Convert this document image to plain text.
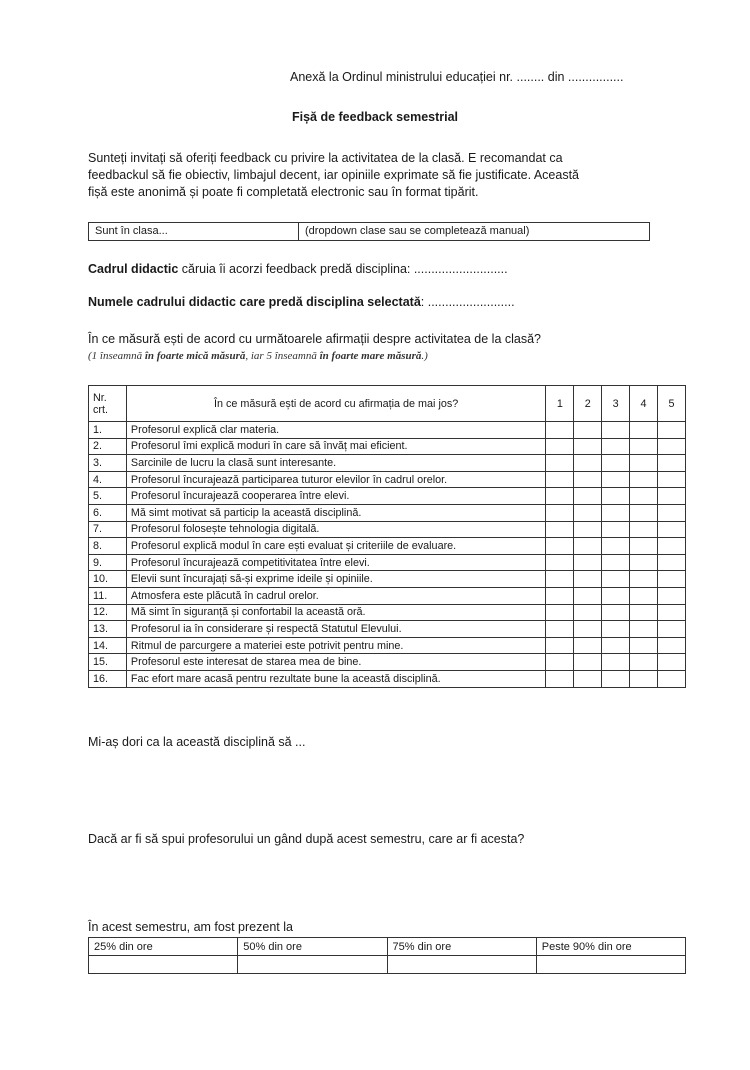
Anexă la Ordinul ministrului educației nr. ........ din ................
Fișă de feedback semestrial
Sunteți invitați să oferiți feedback cu privire la activitatea de la clasă. E recomandat ca
feedbackul să fie obiectiv, limbajul decent, iar opiniile exprimate să fie justificate. Această
fișă este anonimă și poate fi completată electronic sau în format tipărit.
Sunt în clasa...	(dropdown clase sau se completează manual)
Cadrul didactic căruia îi acorzi feedback predă disciplina: ...........................
Numele cadrului didactic care predă disciplina selectată: .........................
În ce măsură ești de acord cu următoarele afirmații despre activitatea de la clasă?
(1 înseamnă în foarte mică măsură, iar 5 înseamnă în foarte mare măsură.)
Nr. crt.	În ce măsură ești de acord cu afirmația de mai jos?	1	2	3	4	5
1.	Profesorul explică clar materia.					
2.	Profesorul îmi explică moduri în care să învăț mai eficient.					
3.	Sarcinile de lucru la clasă sunt interesante.					
4.	Profesorul încurajează participarea tuturor elevilor în cadrul orelor.					
5.	Profesorul încurajează cooperarea între elevi.					
6.	Mă simt motivat să particip la această disciplină.					
7.	Profesorul folosește tehnologia digitală.					
8.	Profesorul explică modul în care ești evaluat și criteriile de evaluare.					
9.	Profesorul încurajează competitivitatea între elevi.					
10.	Elevii sunt încurajați să-și exprime ideile și opiniile.					
11.	Atmosfera este plăcută în cadrul orelor.					
12.	Mă simt în siguranță și confortabil la această oră.					
13.	Profesorul ia în considerare și respectă Statutul Elevului.					
14.	Ritmul de parcurgere a materiei este potrivit pentru mine.					
15.	Profesorul este interesat de starea mea de bine.					
16.	Fac efort mare acasă pentru rezultate bune la această disciplină.					
Mi-aș dori ca la această disciplină să ...
Dacă ar fi să spui profesorului un gând după acest semestru, care ar fi acesta?
În acest semestru, am fost prezent la
25% din ore	50% din ore	75% din ore	Peste 90% din ore
